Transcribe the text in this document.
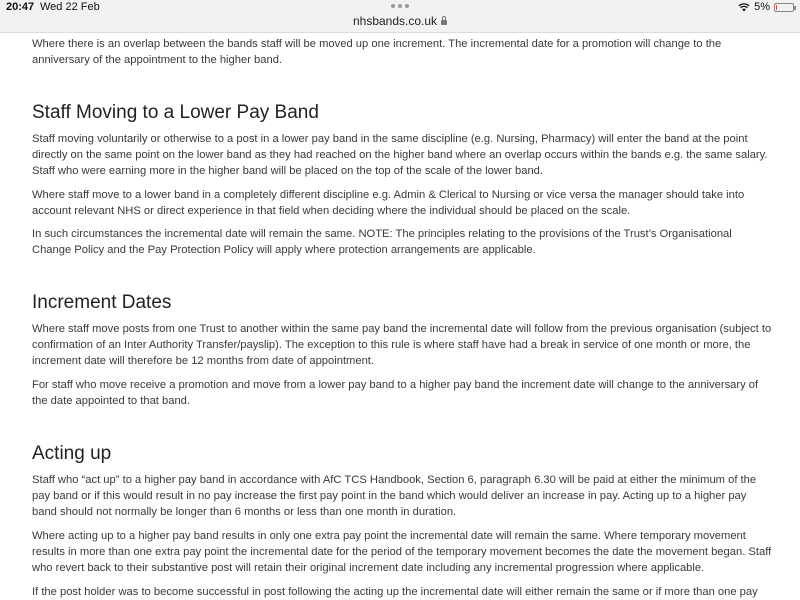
20:47 Wed 22 Feb
nhsbands.co.uk
5%

Where there is an overlap between the bands staff will be moved up one increment. The incremental date for a promotion will change to the anniversary of the appointment to the higher band.

Staff Moving to a Lower Pay Band

Staff moving voluntarily or otherwise to a post in a lower pay band in the same discipline (e.g. Nursing, Pharmacy) will enter the band at the point directly on the same point on the lower band as they had reached on the higher band where an overlap occurs within the bands e.g. the same salary. Staff who were earning more in the higher band will be placed on the top of the scale of the lower band.

Where staff move to a lower band in a completely different discipline e.g. Admin & Clerical to Nursing or vice versa the manager should take into account relevant NHS or direct experience in that field when deciding where the individual should be placed on the scale.

In such circumstances the incremental date will remain the same. NOTE: The principles relating to the provisions of the Trust’s Organisational Change Policy and the Pay Protection Policy will apply where protection arrangements are applicable.

Increment Dates

Where staff move posts from one Trust to another within the same pay band the incremental date will follow from the previous organisation (subject to confirmation of an Inter Authority Transfer/payslip). The exception to this rule is where staff have had a break in service of one month or more, the increment date will therefore be 12 months from date of appointment.

For staff who move receive a promotion and move from a lower pay band to a higher pay band the increment date will change to the anniversary of the date appointed to that band.

Acting up

Staff who “act up” to a higher pay band in accordance with AfC TCS Handbook, Section 6, paragraph 6.30 will be paid at either the minimum of the pay band or if this would result in no pay increase the first pay point in the band which would deliver an increase in pay. Acting up to a higher pay band should not normally be longer than 6 months or less than one month in duration.

Where acting up to a higher pay band results in only one extra pay point the incremental date will remain the same. Where temporary movement results in more than one extra pay point the incremental date for the period of the temporary movement becomes the date the movement began. Staff who revert back to their substantive post will retain their original increment date including any incremental progression where applicable.

If the post holder was to become successful in post following the acting up the incremental date will either remain the same or if more than one pay
